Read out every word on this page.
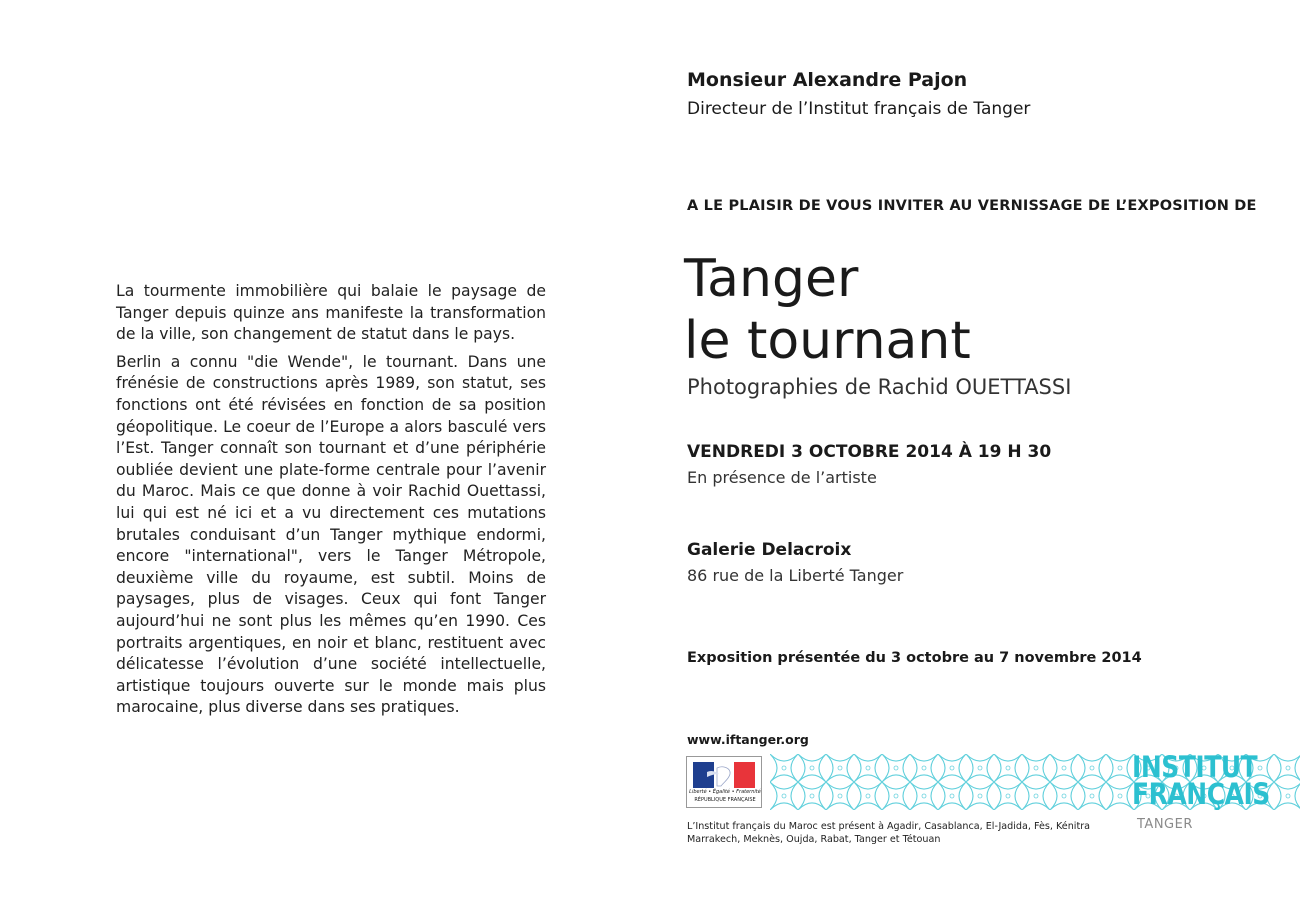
La tourmente immobilière qui balaie le paysage de Tanger depuis quinze ans manifeste la transformation de la ville, son changement de statut dans le pays.

Berlin a connu "die Wende", le tournant. Dans une frénésie de constructions après 1989, son statut, ses fonctions ont été révisées en fonction de sa position géopolitique. Le coeur de l’Europe a alors basculé vers l’Est. Tanger connaît son tournant et d’une périphérie oubliée devient une plate-forme centrale pour l’avenir du Maroc. Mais ce que donne à voir Rachid Ouettassi, lui qui est né ici et a vu directement ces mutations brutales conduisant d’un Tanger mythique endormi, encore "international", vers le Tanger Métropole, deuxième ville du royaume, est subtil. Moins de paysages, plus de visages. Ceux qui font Tanger aujourd’hui ne sont plus les mêmes qu’en 1990. Ces portraits argentiques, en noir et blanc, restituent avec délicatesse l’évolution d’une société intellectuelle, artistique toujours ouverte sur le monde mais plus marocaine, plus diverse dans ses pratiques.

Monsieur Alexandre Pajon
Directeur de l’Institut français de Tanger
A LE PLAISIR DE VOUS INVITER AU VERNISSAGE DE L’EXPOSITION DE
Tanger
le tournant
Photographies de Rachid OUETTASSI
VENDREDI 3 OCTOBRE 2014 À 19 H 30
En présence de l’artiste
Galerie Delacroix
86 rue de la Liberté Tanger
Exposition présentée du 3 octobre au 7 novembre 2014
www.iftanger.org
Liberté • Égalité • Fraternité
RÉPUBLIQUE FRANÇAISE
INSTITUT
FRANÇAIS
TANGER
L’Institut français du Maroc est présent à Agadir, Casablanca, El-Jadida, Fès, Kénitra Marrakech, Meknès, Oujda, Rabat, Tanger et Tétouan
